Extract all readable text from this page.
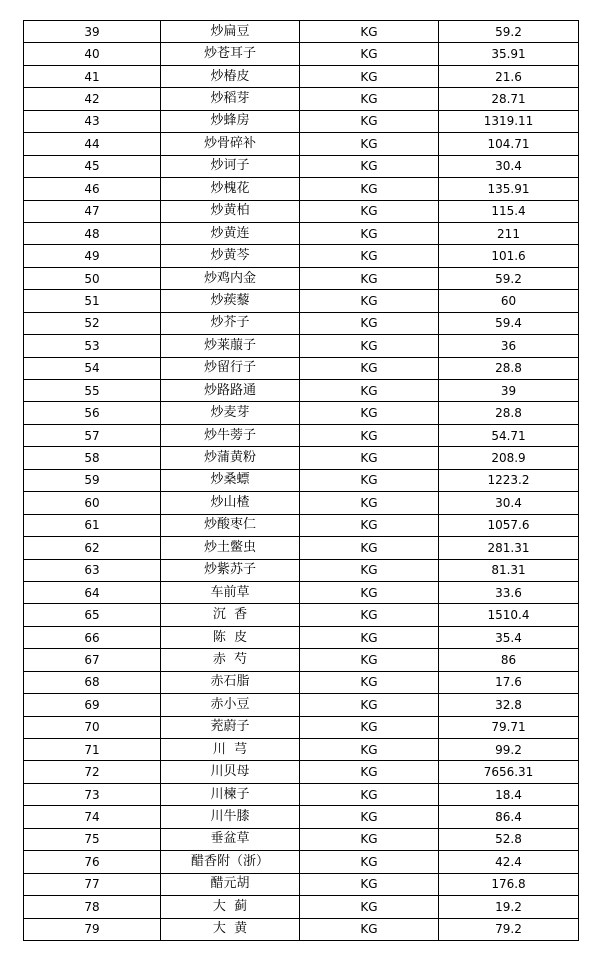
39	炒扁豆	KG	59.2
40	炒苍耳子	KG	35.91
41	炒椿皮	KG	21.6
42	炒稻芽	KG	28.71
43	炒蜂房	KG	1319.11
44	炒骨碎补	KG	104.71
45	炒诃子	KG	30.4
46	炒槐花	KG	135.91
47	炒黄柏	KG	115.4
48	炒黄连	KG	211
49	炒黄芩	KG	101.6
50	炒鸡内金	KG	59.2
51	炒蒺藜	KG	60
52	炒芥子	KG	59.4
53	炒莱菔子	KG	36
54	炒留行子	KG	28.8
55	炒路路通	KG	39
56	炒麦芽	KG	28.8
57	炒牛蒡子	KG	54.71
58	炒蒲黄粉	KG	208.9
59	炒桑螵	KG	1223.2
60	炒山楂	KG	30.4
61	炒酸枣仁	KG	1057.6
62	炒土鳖虫	KG	281.31
63	炒紫苏子	KG	81.31
64	车前草	KG	33.6
65	沉  香	KG	1510.4
66	陈  皮	KG	35.4
67	赤  芍	KG	86
68	赤石脂	KG	17.6
69	赤小豆	KG	32.8
70	茺蔚子	KG	79.71
71	川  芎	KG	99.2
72	川贝母	KG	7656.31
73	川楝子	KG	18.4
74	川牛膝	KG	86.4
75	垂盆草	KG	52.8
76	醋香附（浙）	KG	42.4
77	醋元胡	KG	176.8
78	大  蓟	KG	19.2
79	大  黄	KG	79.2
